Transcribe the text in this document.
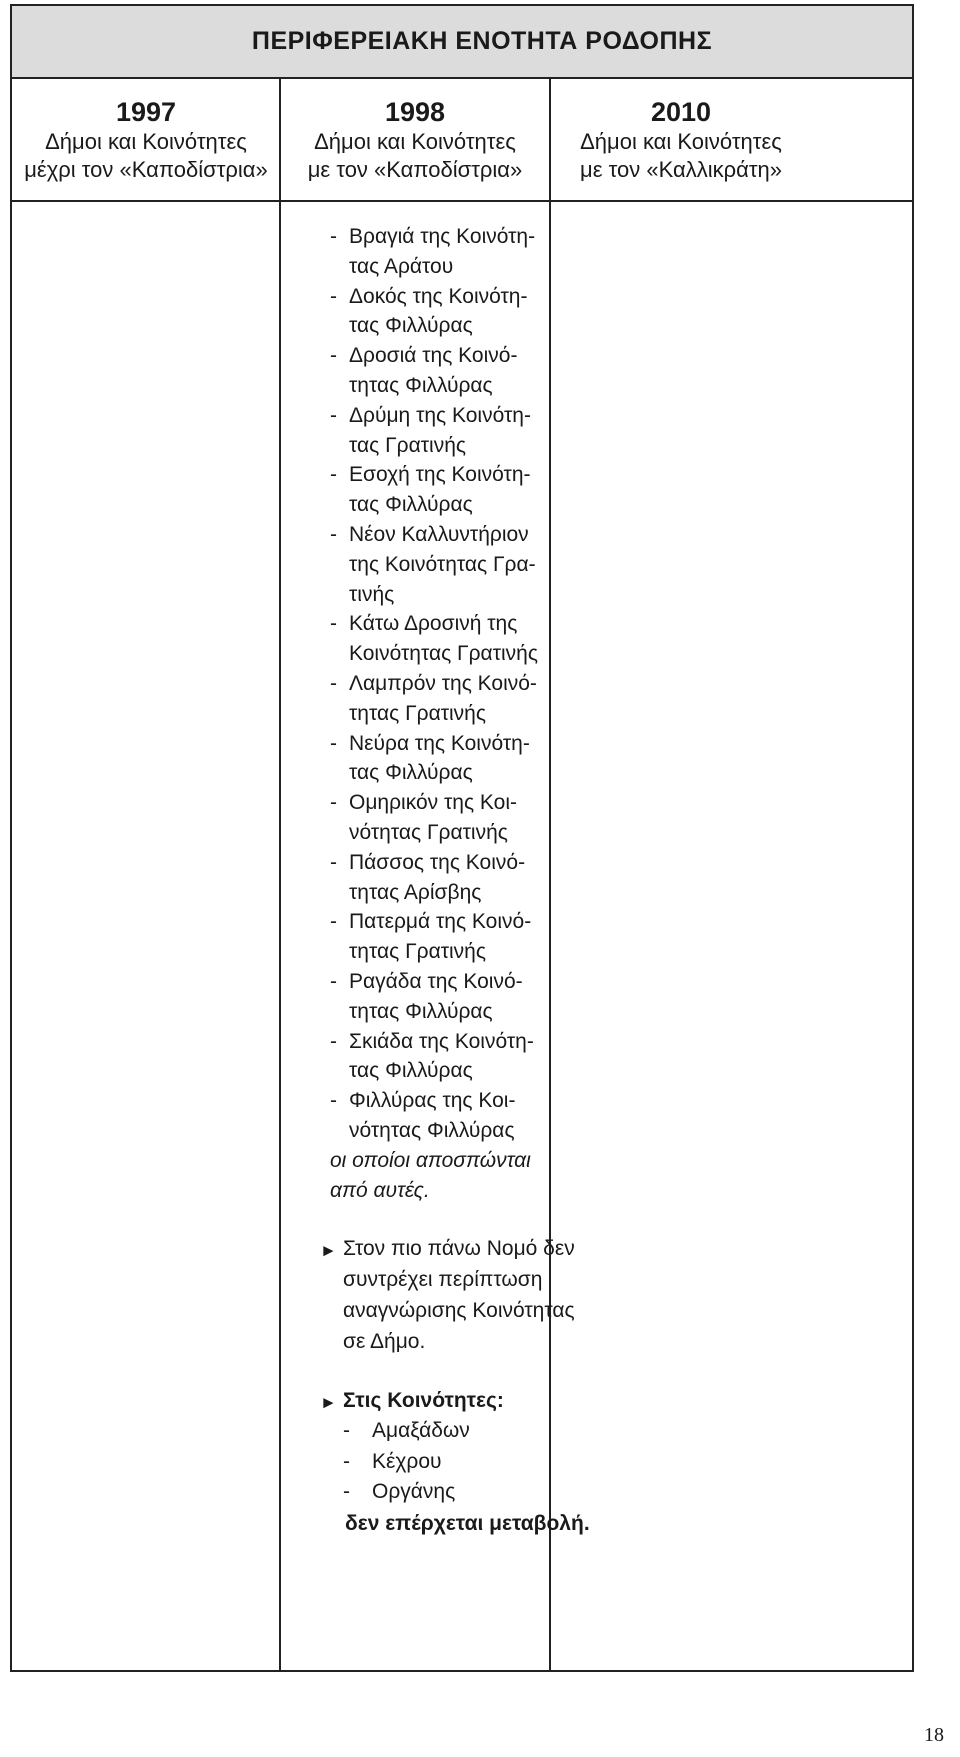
ΠΕΡΙΦΕΡΕΙΑΚΗ ΕΝΟΤΗΤΑ ΡΟΔΟΠΗΣ
1997
Δήμοι και Κοινότητες
μέχρι τον «Καποδίστρια»
1998
Δήμοι και Κοινότητες
με τον «Καποδίστρια»
2010
Δήμοι και Κοινότητες
με τον «Καλλικράτη»
- Βραγιά της Κοινότη-
τας Αράτου
- Δοκός της Κοινότη-
τας Φιλλύρας
- Δροσιά της Κοινό-
τητας Φιλλύρας
- Δρύμη της Κοινότη-
τας Γρατινής
- Εσοχή της Κοινότη-
τας Φιλλύρας
- Νέον Καλλυντήριον
της Κοινότητας Γρα-
τινής
- Κάτω Δροσινή της
Κοινότητας Γρατινής
- Λαμπρόν της Κοινό-
τητας Γρατινής
- Νεύρα της Κοινότη-
τας Φιλλύρας
- Ομηρικόν της Κοι-
νότητας Γρατινής
- Πάσσος της Κοινό-
τητας Αρίσβης
- Πατερμά της Κοινό-
τητας Γρατινής
- Ραγάδα της Κοινό-
τητας Φιλλύρας
- Σκιάδα της Κοινότη-
τας Φιλλύρας
- Φιλλύρας της Κοι-
νότητας Φιλλύρας
οι οποίοι αποσπώνται
από αυτές.
► Στον πιο πάνω Νομό δεν
συντρέχει περίπτωση
αναγνώρισης Κοινότητας
σε Δήμο.
► Στις Κοινότητες:
- Αμαξάδων
- Κέχρου
- Οργάνης
δεν επέρχεται μεταβολή.
18
